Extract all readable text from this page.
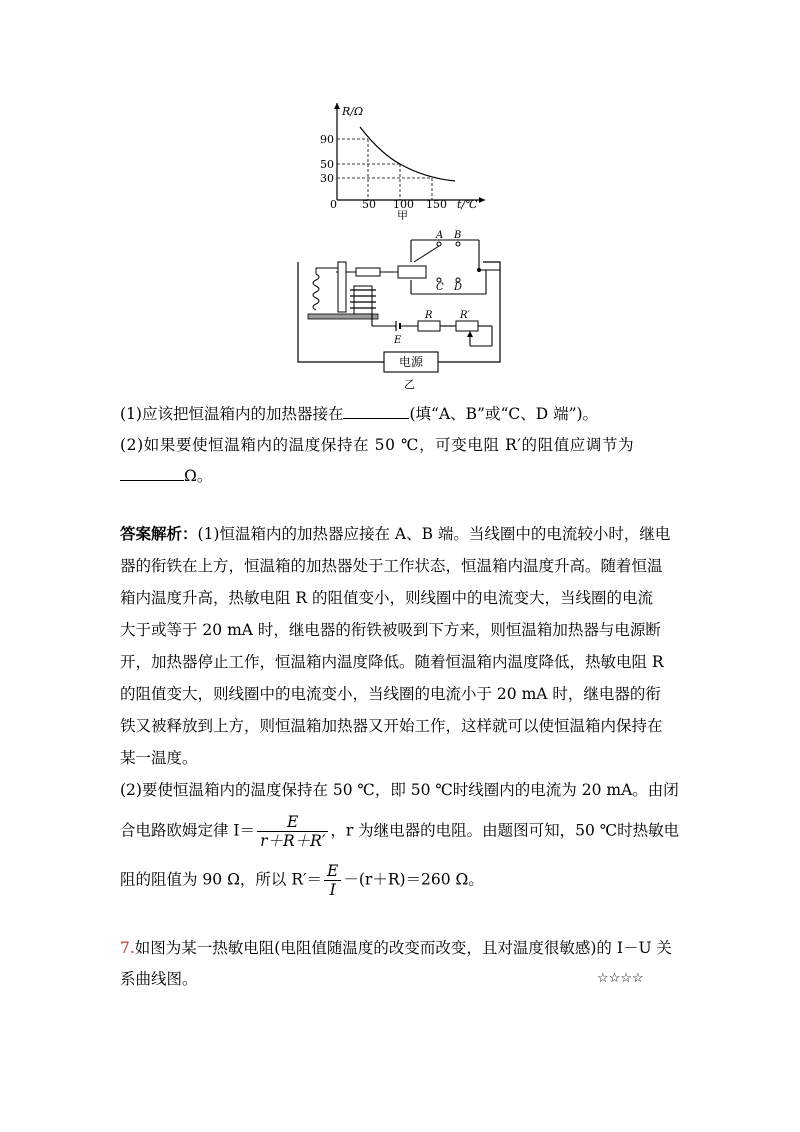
R/Ω
t/℃
0 50 100 150
90
50
30
甲
A B
C D
E
R	R′
电源
乙
(1)应该把恒温箱内的加热器接在	(填“A、B”或“C、D 端”)。
(2)如果要使恒温箱内的温度保持在 50 ℃，可变电阻 R′的阻值应调节为
Ω。
答案解析：(1)恒温箱内的加热器应接在 A、B 端。当线圈中的电流较小时，继电
器的衔铁在上方，恒温箱的加热器处于工作状态，恒温箱内温度升高。随着恒温
箱内温度升高，热敏电阻 R 的阻值变小，则线圈中的电流变大，当线圈的电流
大于或等于 20 mA 时，继电器的衔铁被吸到下方来，则恒温箱加热器与电源断
开，加热器停止工作，恒温箱内温度降低。随着恒温箱内温度降低，热敏电阻 R
的阻值变大，则线圈中的电流变小，当线圈的电流小于 20 mA 时，继电器的衔
铁又被释放到上方，则恒温箱加热器又开始工作，这样就可以使恒温箱内保持在
某一温度。
(2)要使恒温箱内的温度保持在 50 ℃，即 50 ℃时线圈内的电流为 20 mA。由闭
合电路欧姆定律 $I= \frac{E}{r+R+R'}$ ，r 为继电器的电阻。由题图可知，50 ℃时热敏电
阻的阻值为 90 Ω，所以 $R'= \frac{E}{I} -(r+R)=260$ Ω。
7.如图为某一热敏电阻(电阻值随温度的改变而改变，且对温度很敏感)的 I－U 关
系曲线图。	☆☆☆☆
